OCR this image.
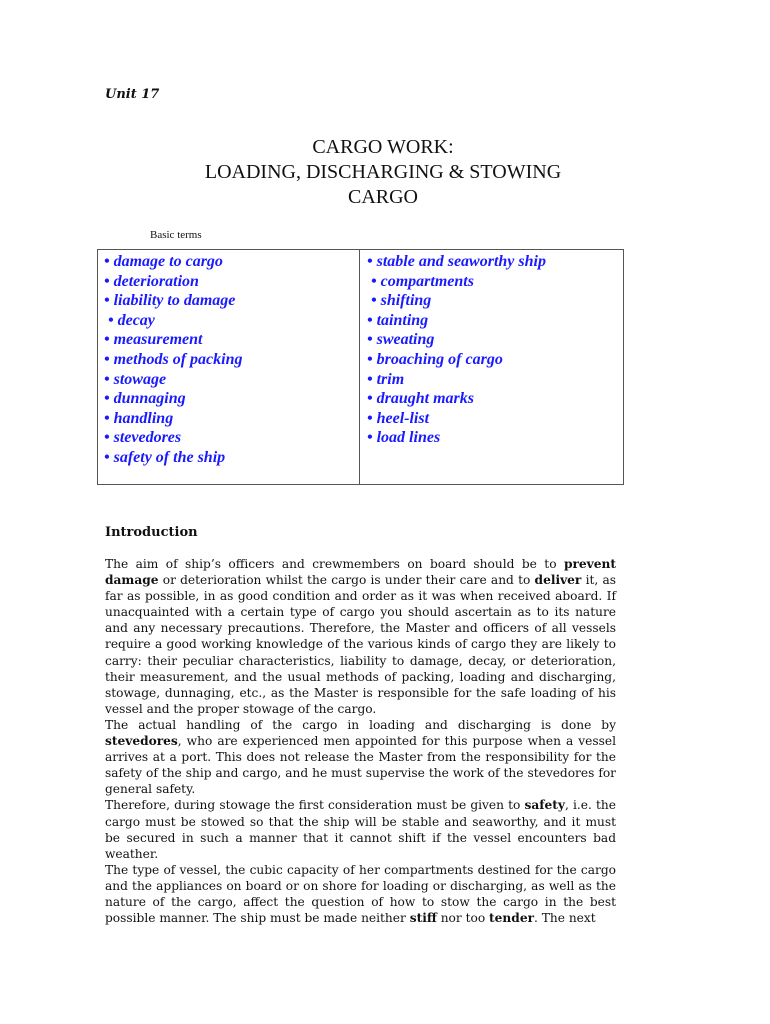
Unit 17
CARGO WORK:
LOADING, DISCHARGING & STOWING
CARGO
Basic terms
• damage to cargo
• deterioration
• liability to damage
• decay
• measurement
• methods of packing
• stowage
• dunnaging
• handling
• stevedores
• safety of the ship
• stable and seaworthy ship
• compartments
• shifting
• tainting
• sweating
• broaching of cargo
• trim
• draught marks
• heel-list
• load lines
Introduction

The aim of ship’s officers and crewmembers on board should be to prevent damage or deterioration whilst the cargo is under their care and to deliver it, as far as possible, in as good condition and order as it was when received aboard. If unacquainted with a certain type of cargo you should ascertain as to its nature and any necessary precautions. Therefore, the Master and officers of all vessels require a good working knowledge of the various kinds of cargo they are likely to carry: their peculiar characteristics, liability to damage, decay, or deterioration, their measurement, and the usual methods of packing, loading and discharging, stowage, dunnaging, etc., as the Master is responsible for the safe loading of his vessel and the proper stowage of the cargo.

The actual handling of the cargo in loading and discharging is done by stevedores, who are experienced men appointed for this purpose when a vessel arrives at a port. This does not release the Master from the responsibility for the safety of the ship and cargo, and he must supervise the work of the stevedores for general safety.

Therefore, during stowage the first consideration must be given to safety, i.e. the cargo must be stowed so that the ship will be stable and seaworthy, and it must be secured in such a manner that it cannot shift if the vessel encounters bad weather.

The type of vessel, the cubic capacity of her compartments destined for the cargo and the appliances on board or on shore for loading or discharging, as well as the nature of the cargo, affect the question of how to stow the cargo in the best possible manner. The ship must be made neither stiff nor too tender. The next
